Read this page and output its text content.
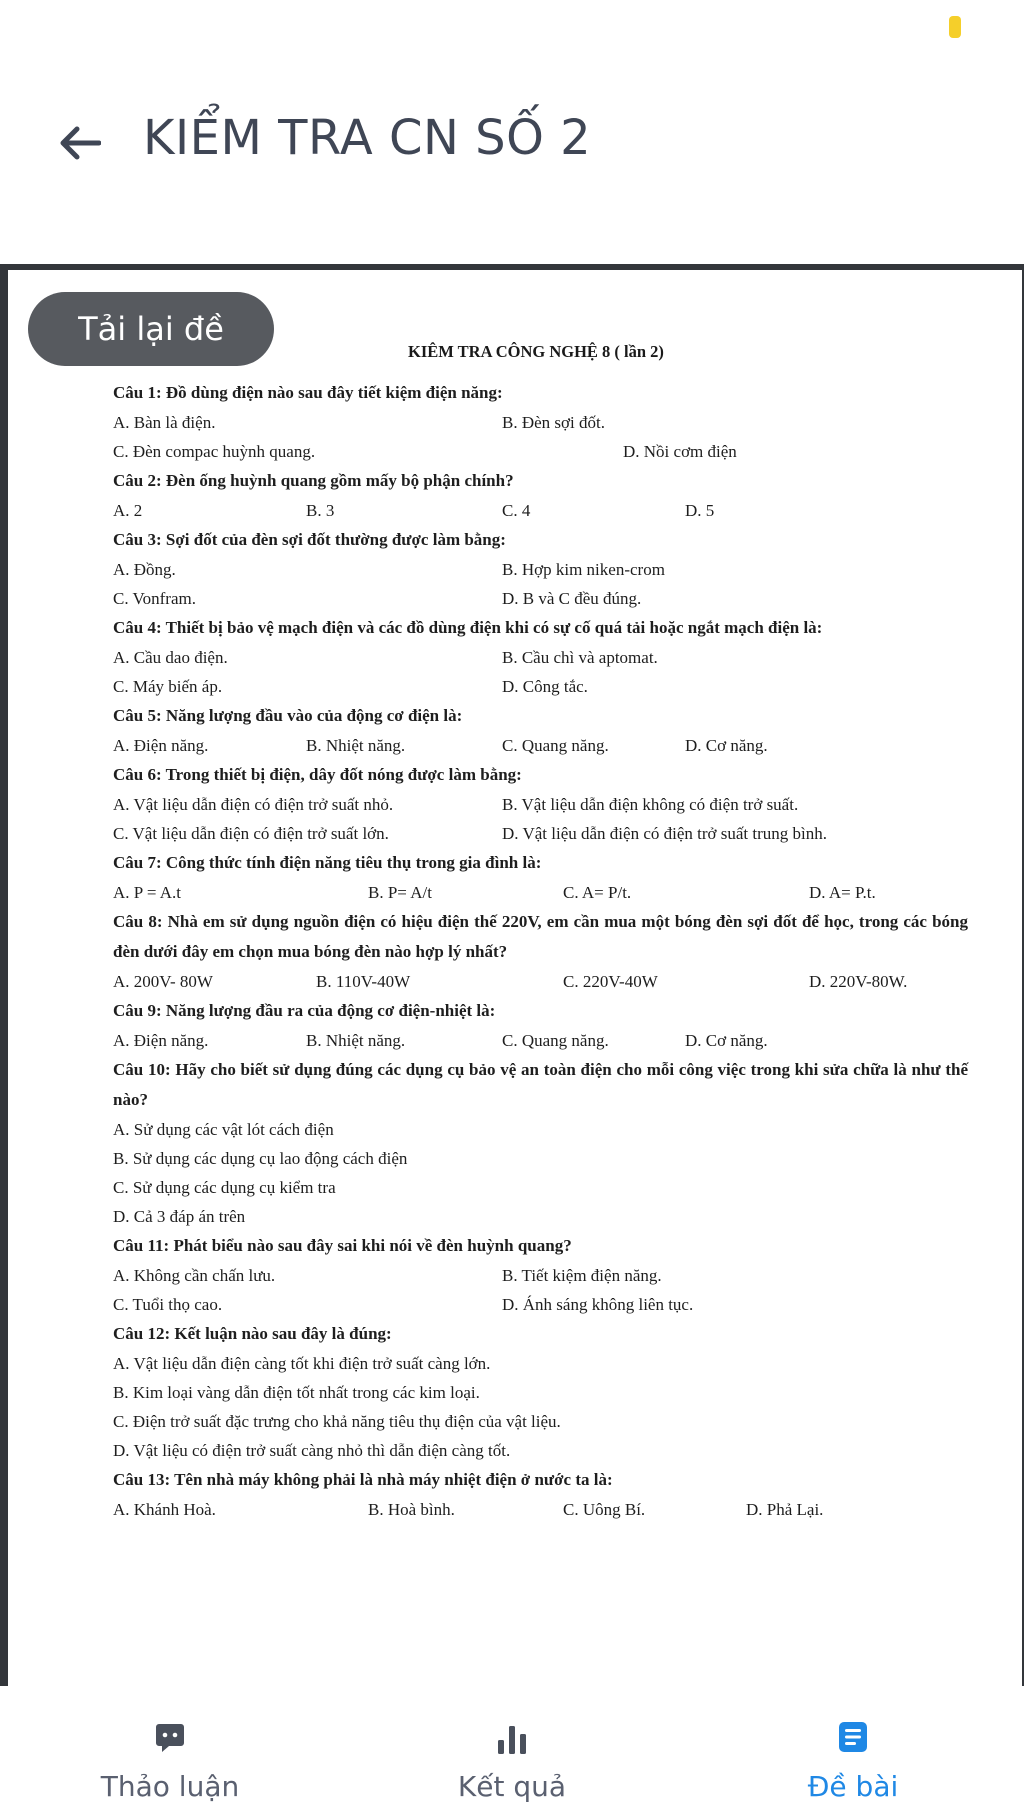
KIỂM TRA CN SỐ 2
Tải lại đề
KIÊM TRA CÔNG NGHỆ 8 ( lần 2)
Câu 1: Đồ dùng điện nào sau đây tiết kiệm điện năng:
A. Bàn là điện.	B. Đèn sợi đốt.
C. Đèn compac huỳnh quang.	D. Nồi cơm điện
Câu 2: Đèn ống huỳnh quang gồm mấy bộ phận chính?
A. 2	B. 3	C. 4	D. 5
Câu 3: Sợi đốt của đèn sợi đốt thường được làm bằng:
A. Đồng.	B. Hợp kim niken-crom
C. Vonfram.	D. B và C đều đúng.
Câu 4: Thiết bị bảo vệ mạch điện và các đồ dùng điện khi có sự cố quá tải hoặc ngắt mạch điện là:
A. Cầu dao điện.	B. Cầu chì và aptomat.
C. Máy biến áp.	D. Công tắc.
Câu 5: Năng lượng đầu vào của động cơ điện là:
A. Điện năng.	B. Nhiệt năng.	C. Quang năng.	D. Cơ năng.
Câu 6: Trong thiết bị điện, dây đốt nóng được làm bằng:
A. Vật liệu dẫn điện có điện trở suất nhỏ.	B. Vật liệu dẫn điện không có điện trở suất.
C. Vật liệu dẫn điện có điện trở suất lớn.	D. Vật liệu dẫn điện có điện trở suất trung bình.
Câu 7: Công thức tính điện năng tiêu thụ trong gia đình là:
A. P = A.t	B. P= A/t	C. A= P/t.	D. A= P.t.
Câu 8: Nhà em sử dụng nguồn điện có hiệu điện thế 220V, em cần mua một bóng đèn sợi đốt để học, trong các bóng đèn dưới đây em chọn mua bóng đèn nào hợp lý nhất?
A. 200V- 80W	B. 110V-40W	C. 220V-40W	D. 220V-80W.
Câu 9: Năng lượng đầu ra của động cơ điện-nhiệt là:
A. Điện năng.	B. Nhiệt năng.	C. Quang năng.	D. Cơ năng.
Câu 10: Hãy cho biết sử dụng đúng các dụng cụ bảo vệ an toàn điện cho mỗi công việc trong khi sửa chữa là như thế nào?
A. Sử dụng các vật lót cách điện
B. Sử dụng các dụng cụ lao động cách điện
C. Sử dụng các dụng cụ kiểm tra
D. Cả 3 đáp án trên
Câu 11: Phát biểu nào sau đây sai khi nói về đèn huỳnh quang?
A. Không cần chấn lưu.	B. Tiết kiệm điện năng.
C. Tuổi thọ cao.	D. Ánh sáng không liên tục.
Câu 12: Kết luận nào sau đây là đúng:
A. Vật liệu dẫn điện càng tốt khi điện trở suất càng lớn.
B. Kim loại vàng dẫn điện tốt nhất trong các kim loại.
C. Điện trở suất đặc trưng cho khả năng tiêu thụ điện của vật liệu.
D. Vật liệu có điện trở suất càng nhỏ thì dẫn điện càng tốt.
Câu 13: Tên nhà máy không phải là nhà máy nhiệt điện ở nước ta là:
A. Khánh Hoà.	B. Hoà bình.	C. Uông Bí.	D. Phả Lại.
Thảo luận	Kết quả	Đề bài
